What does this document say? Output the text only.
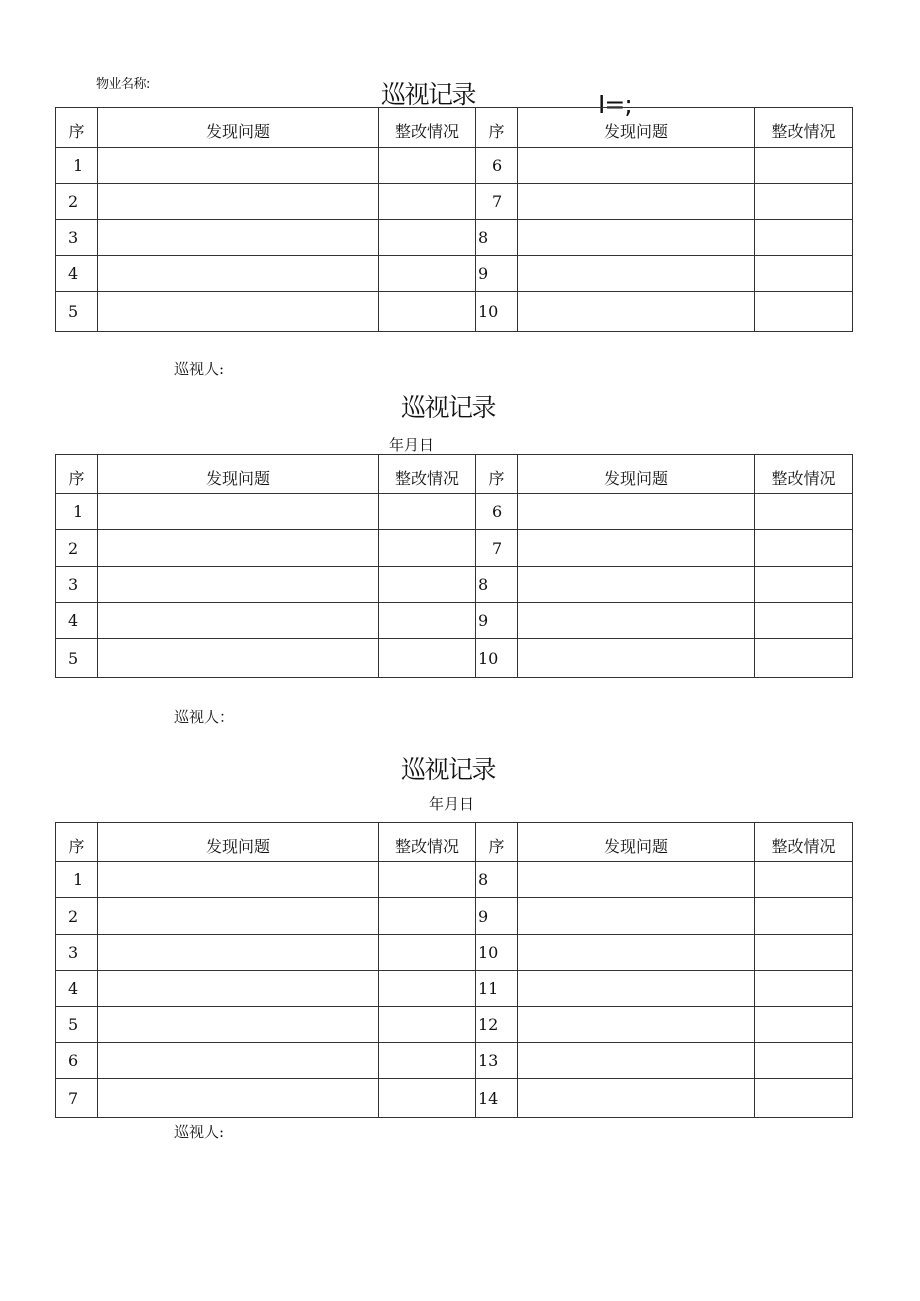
物业名称:	巡视记录	I=;
序	发现问题	整改情况	序	发现问题	整改情况
1			6		
2			7		
3			8		
4			9		
5			10		
巡视人:
巡视记录
年月日
序	发现问题	整改情况	序	发现问题	整改情况
1			6		
2			7		
3			8		
4			9		
5			10		
巡视人：
巡视记录
年月日
序	发现问题	整改情况	序	发现问题	整改情况
1			8		
2			9		
3			10		
4			11		
5			12		
6			13		
7			14		
巡视人:
